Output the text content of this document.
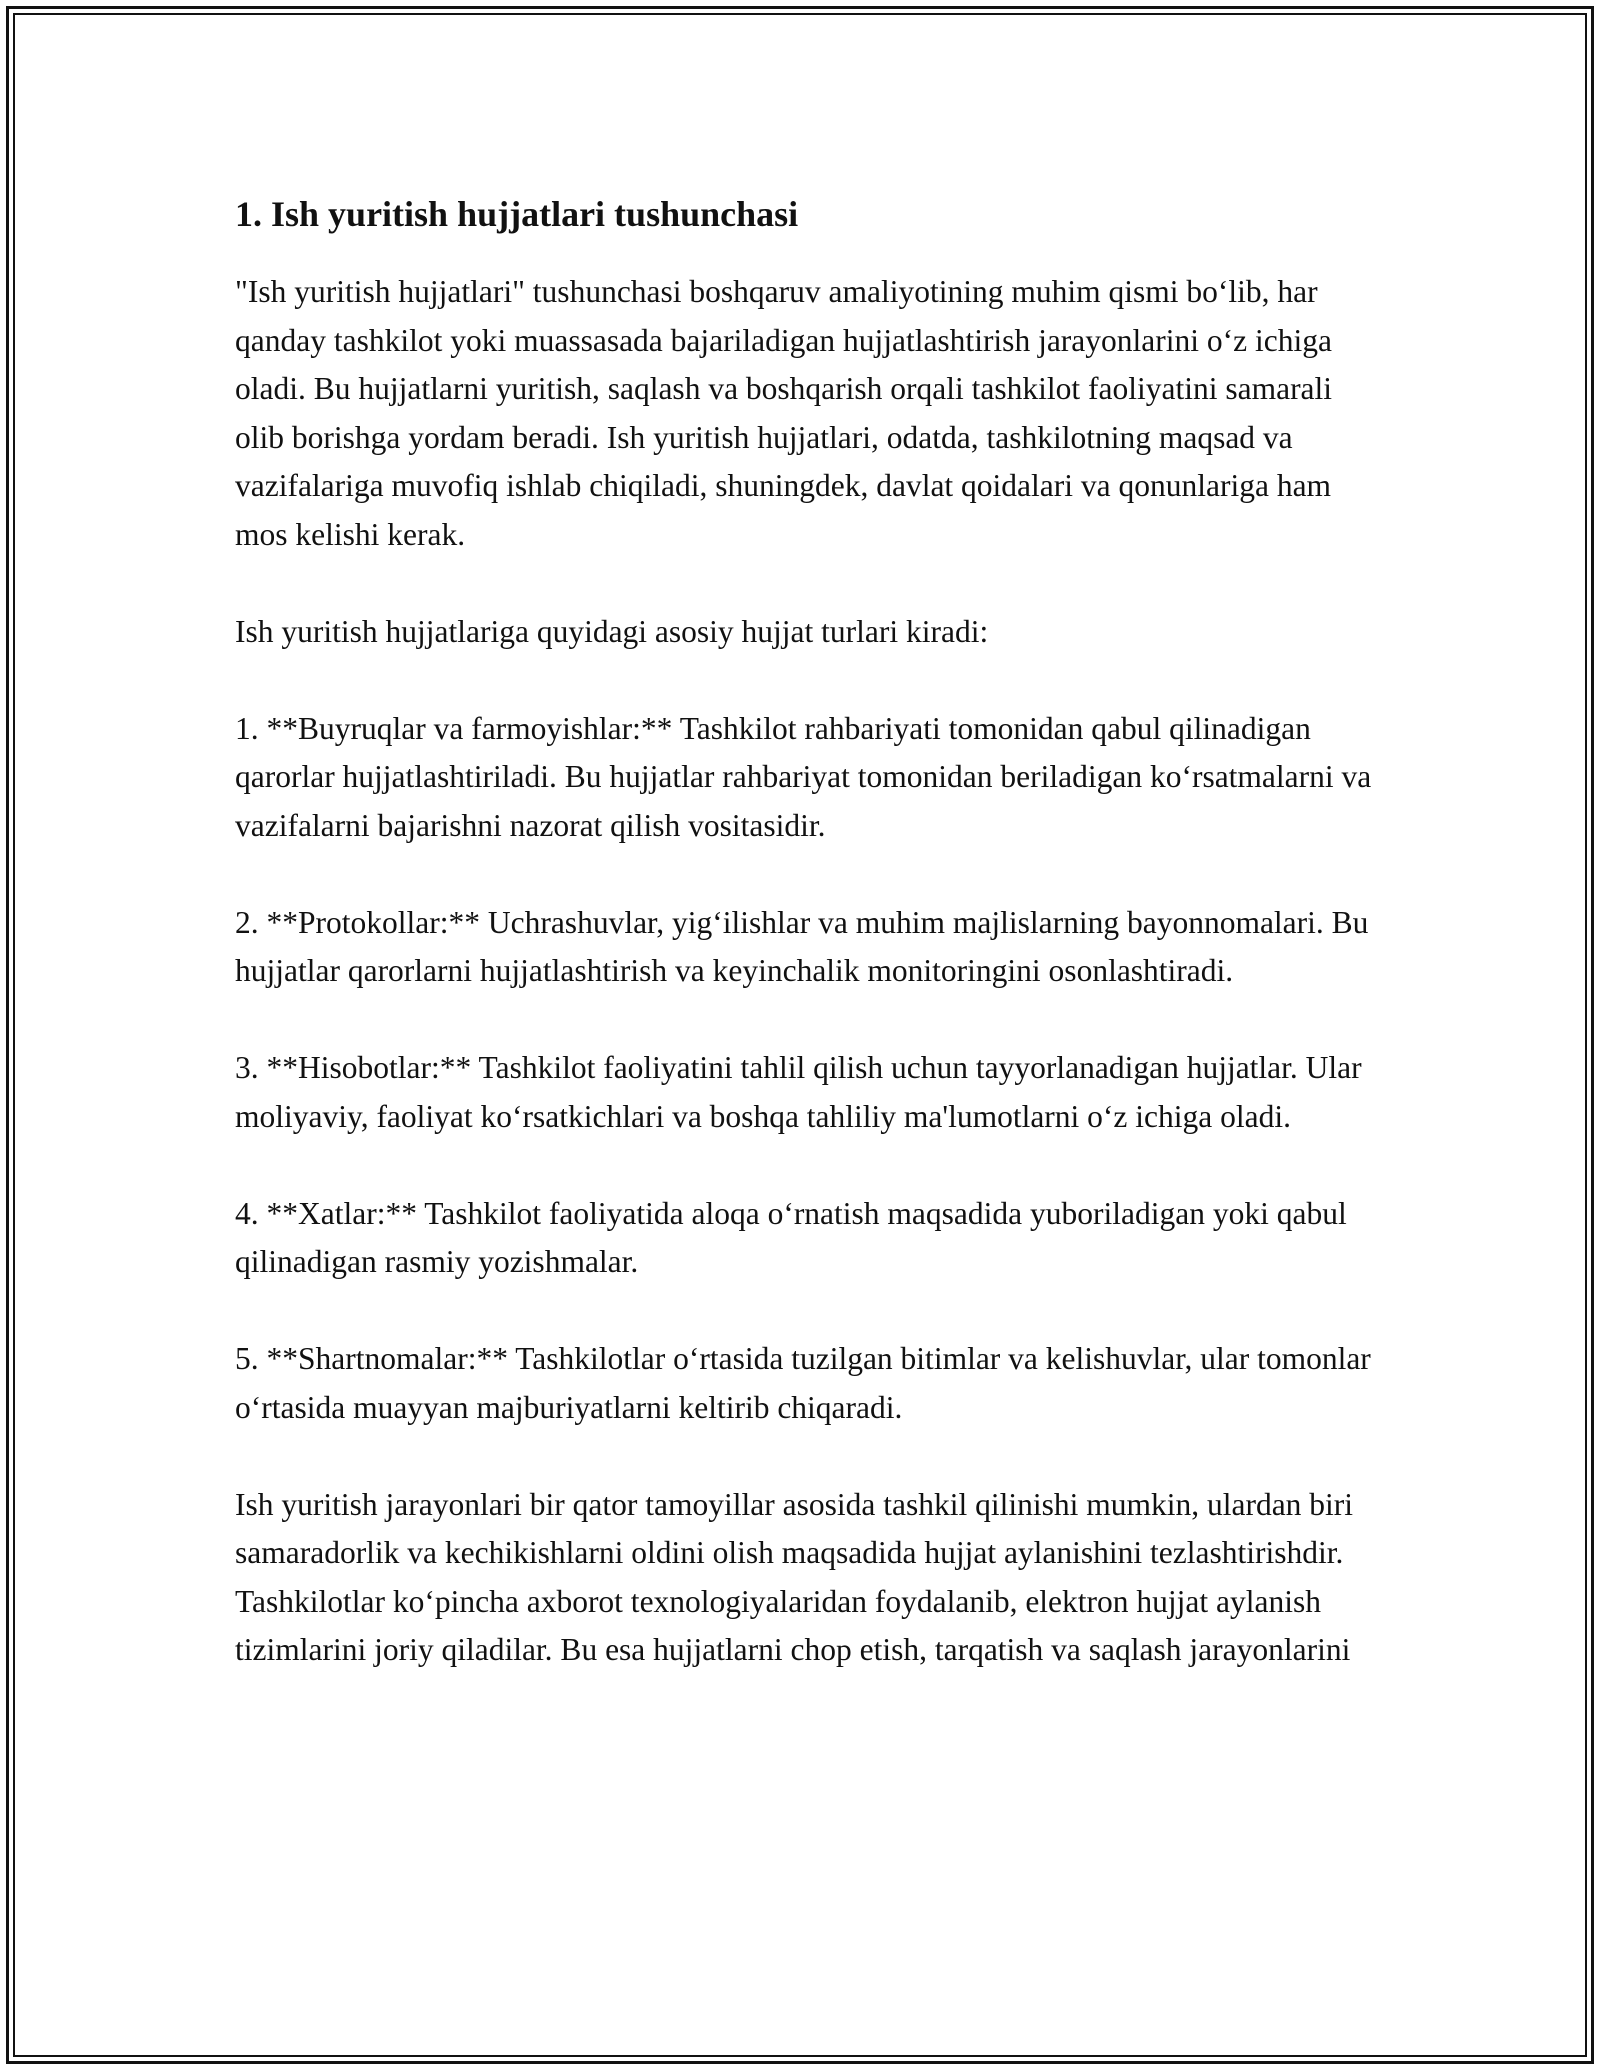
1. Ish yuritish hujjatlari tushunchasi

"Ish yuritish hujjatlari" tushunchasi boshqaruv amaliyotining muhim qismi bo‘lib, har qanday tashkilot yoki muassasada bajariladigan hujjatlashtirish jarayonlarini o‘z ichiga oladi. Bu hujjatlarni yuritish, saqlash va boshqarish orqali tashkilot faoliyatini samarali olib borishga yordam beradi. Ish yuritish hujjatlari, odatda, tashkilotning maqsad va vazifalariga muvofiq ishlab chiqiladi, shuningdek, davlat qoidalari va qonunlariga ham mos kelishi kerak.

Ish yuritish hujjatlariga quyidagi asosiy hujjat turlari kiradi:

1. **Buyruqlar va farmoyishlar:** Tashkilot rahbariyati tomonidan qabul qilinadigan qarorlar hujjatlashtiriladi. Bu hujjatlar rahbariyat tomonidan beriladigan ko‘rsatmalarni va vazifalarni bajarishni nazorat qilish vositasidir.

2. **Protokollar:** Uchrashuvlar, yig‘ilishlar va muhim majlislarning bayonnomalari. Bu hujjatlar qarorlarni hujjatlashtirish va keyinchalik monitoringini osonlashtiradi.

3. **Hisobotlar:** Tashkilot faoliyatini tahlil qilish uchun tayyorlanadigan hujjatlar. Ular moliyaviy, faoliyat ko‘rsatkichlari va boshqa tahliliy ma'lumotlarni o‘z ichiga oladi.

4. **Xatlar:** Tashkilot faoliyatida aloqa o‘rnatish maqsadida yuboriladigan yoki qabul qilinadigan rasmiy yozishmalar.

5. **Shartnomalar:** Tashkilotlar o‘rtasida tuzilgan bitimlar va kelishuvlar, ular tomonlar o‘rtasida muayyan majburiyatlarni keltirib chiqaradi.

Ish yuritish jarayonlari bir qator tamoyillar asosida tashkil qilinishi mumkin, ulardan biri samaradorlik va kechikishlarni oldini olish maqsadida hujjat aylanishini tezlashtirishdir. Tashkilotlar ko‘pincha axborot texnologiyalaridan foydalanib, elektron hujjat aylanish tizimlarini joriy qiladilar. Bu esa hujjatlarni chop etish, tarqatish va saqlash jarayonlarini
